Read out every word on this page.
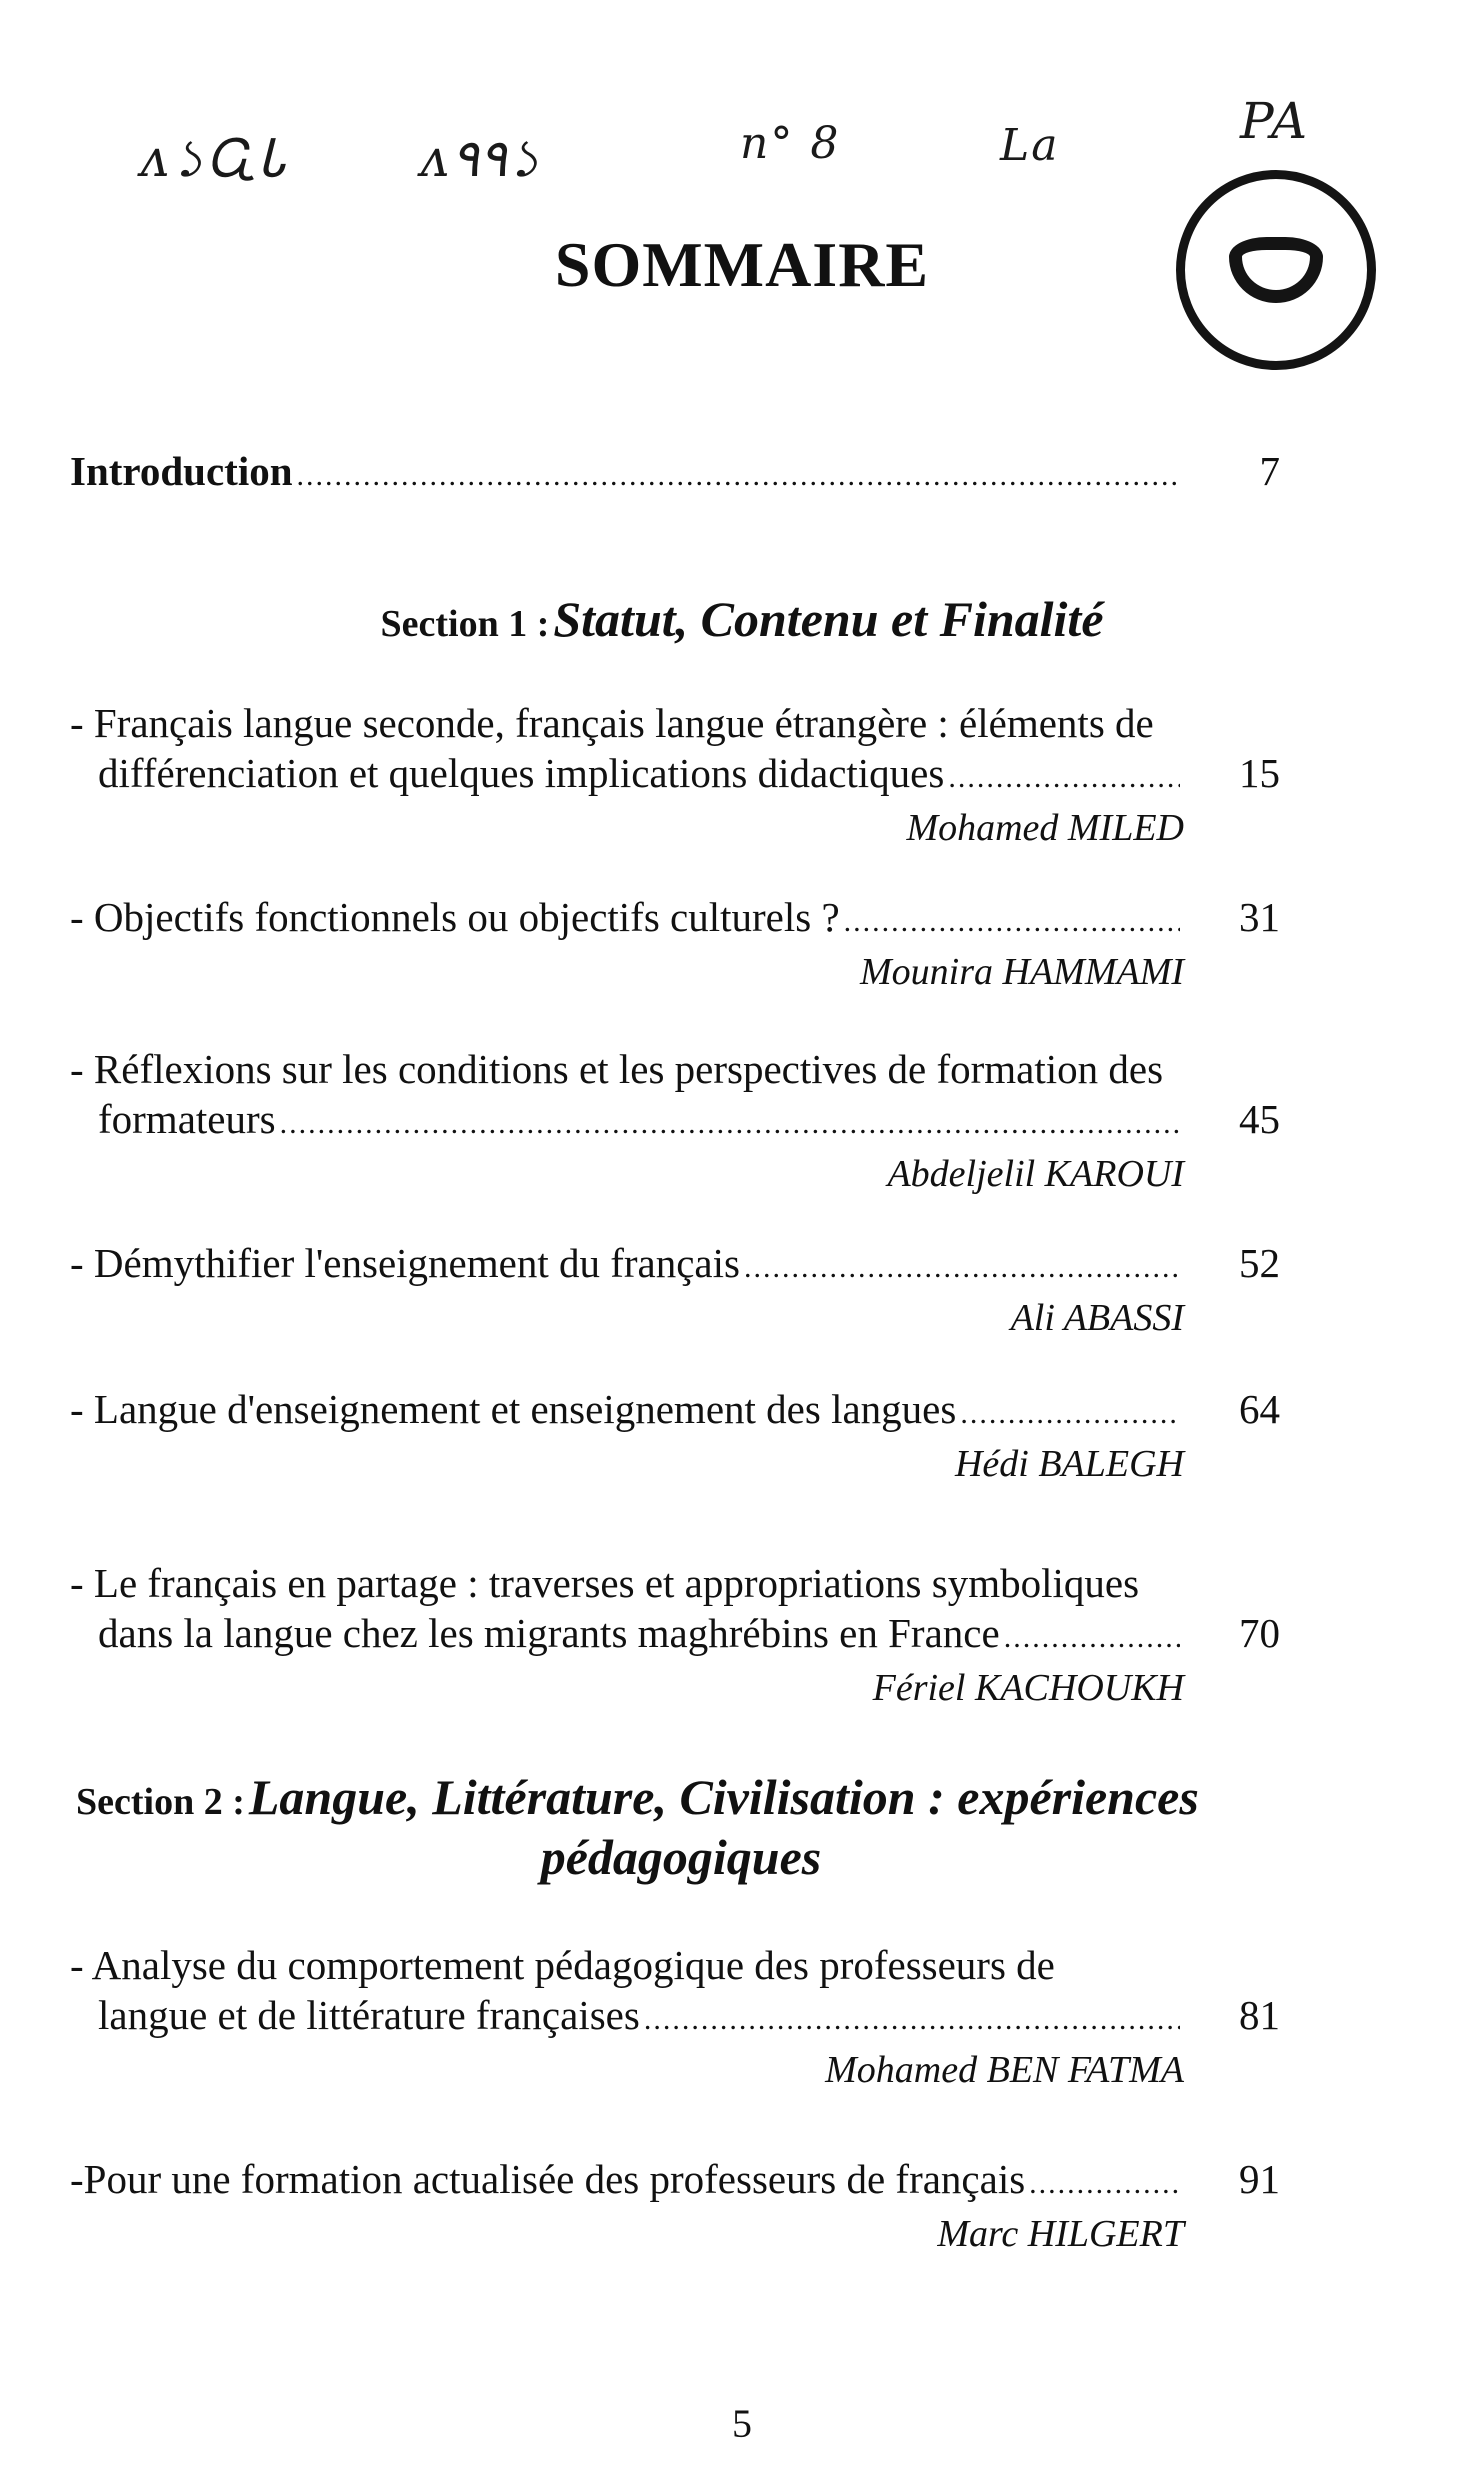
ᴧ১ᏩᏓ	ᴧ٩٩১	n° 8	La	PA
SOMMAIRE
Introduction .....	7
Section 1 : Statut, Contenu et Finalité
- Français langue seconde, français langue étrangère : éléments de
différenciation et quelques implications didactiques .....	15
Mohamed MILED
- Objectifs fonctionnels ou objectifs culturels ? .....	31
Mounira HAMMAMI
- Réflexions sur les conditions et les perspectives de formation des
formateurs .....	45
Abdeljelil KAROUI
- Démythifier l'enseignement du français .....	52
Ali ABASSI
- Langue d'enseignement et enseignement des langues .....	64
Hédi BALEGH
- Le français en partage : traverses et appropriations symboliques
dans la langue chez les migrants maghrébins en France .....	70
Fériel KACHOUKH
Section 2 : Langue, Littérature, Civilisation : expériences
pédagogiques
- Analyse du comportement pédagogique des professeurs de
langue et de littérature françaises .....	81
Mohamed BEN FATMA
-Pour une formation actualisée des professeurs de français .....	91
Marc HILGERT
5
